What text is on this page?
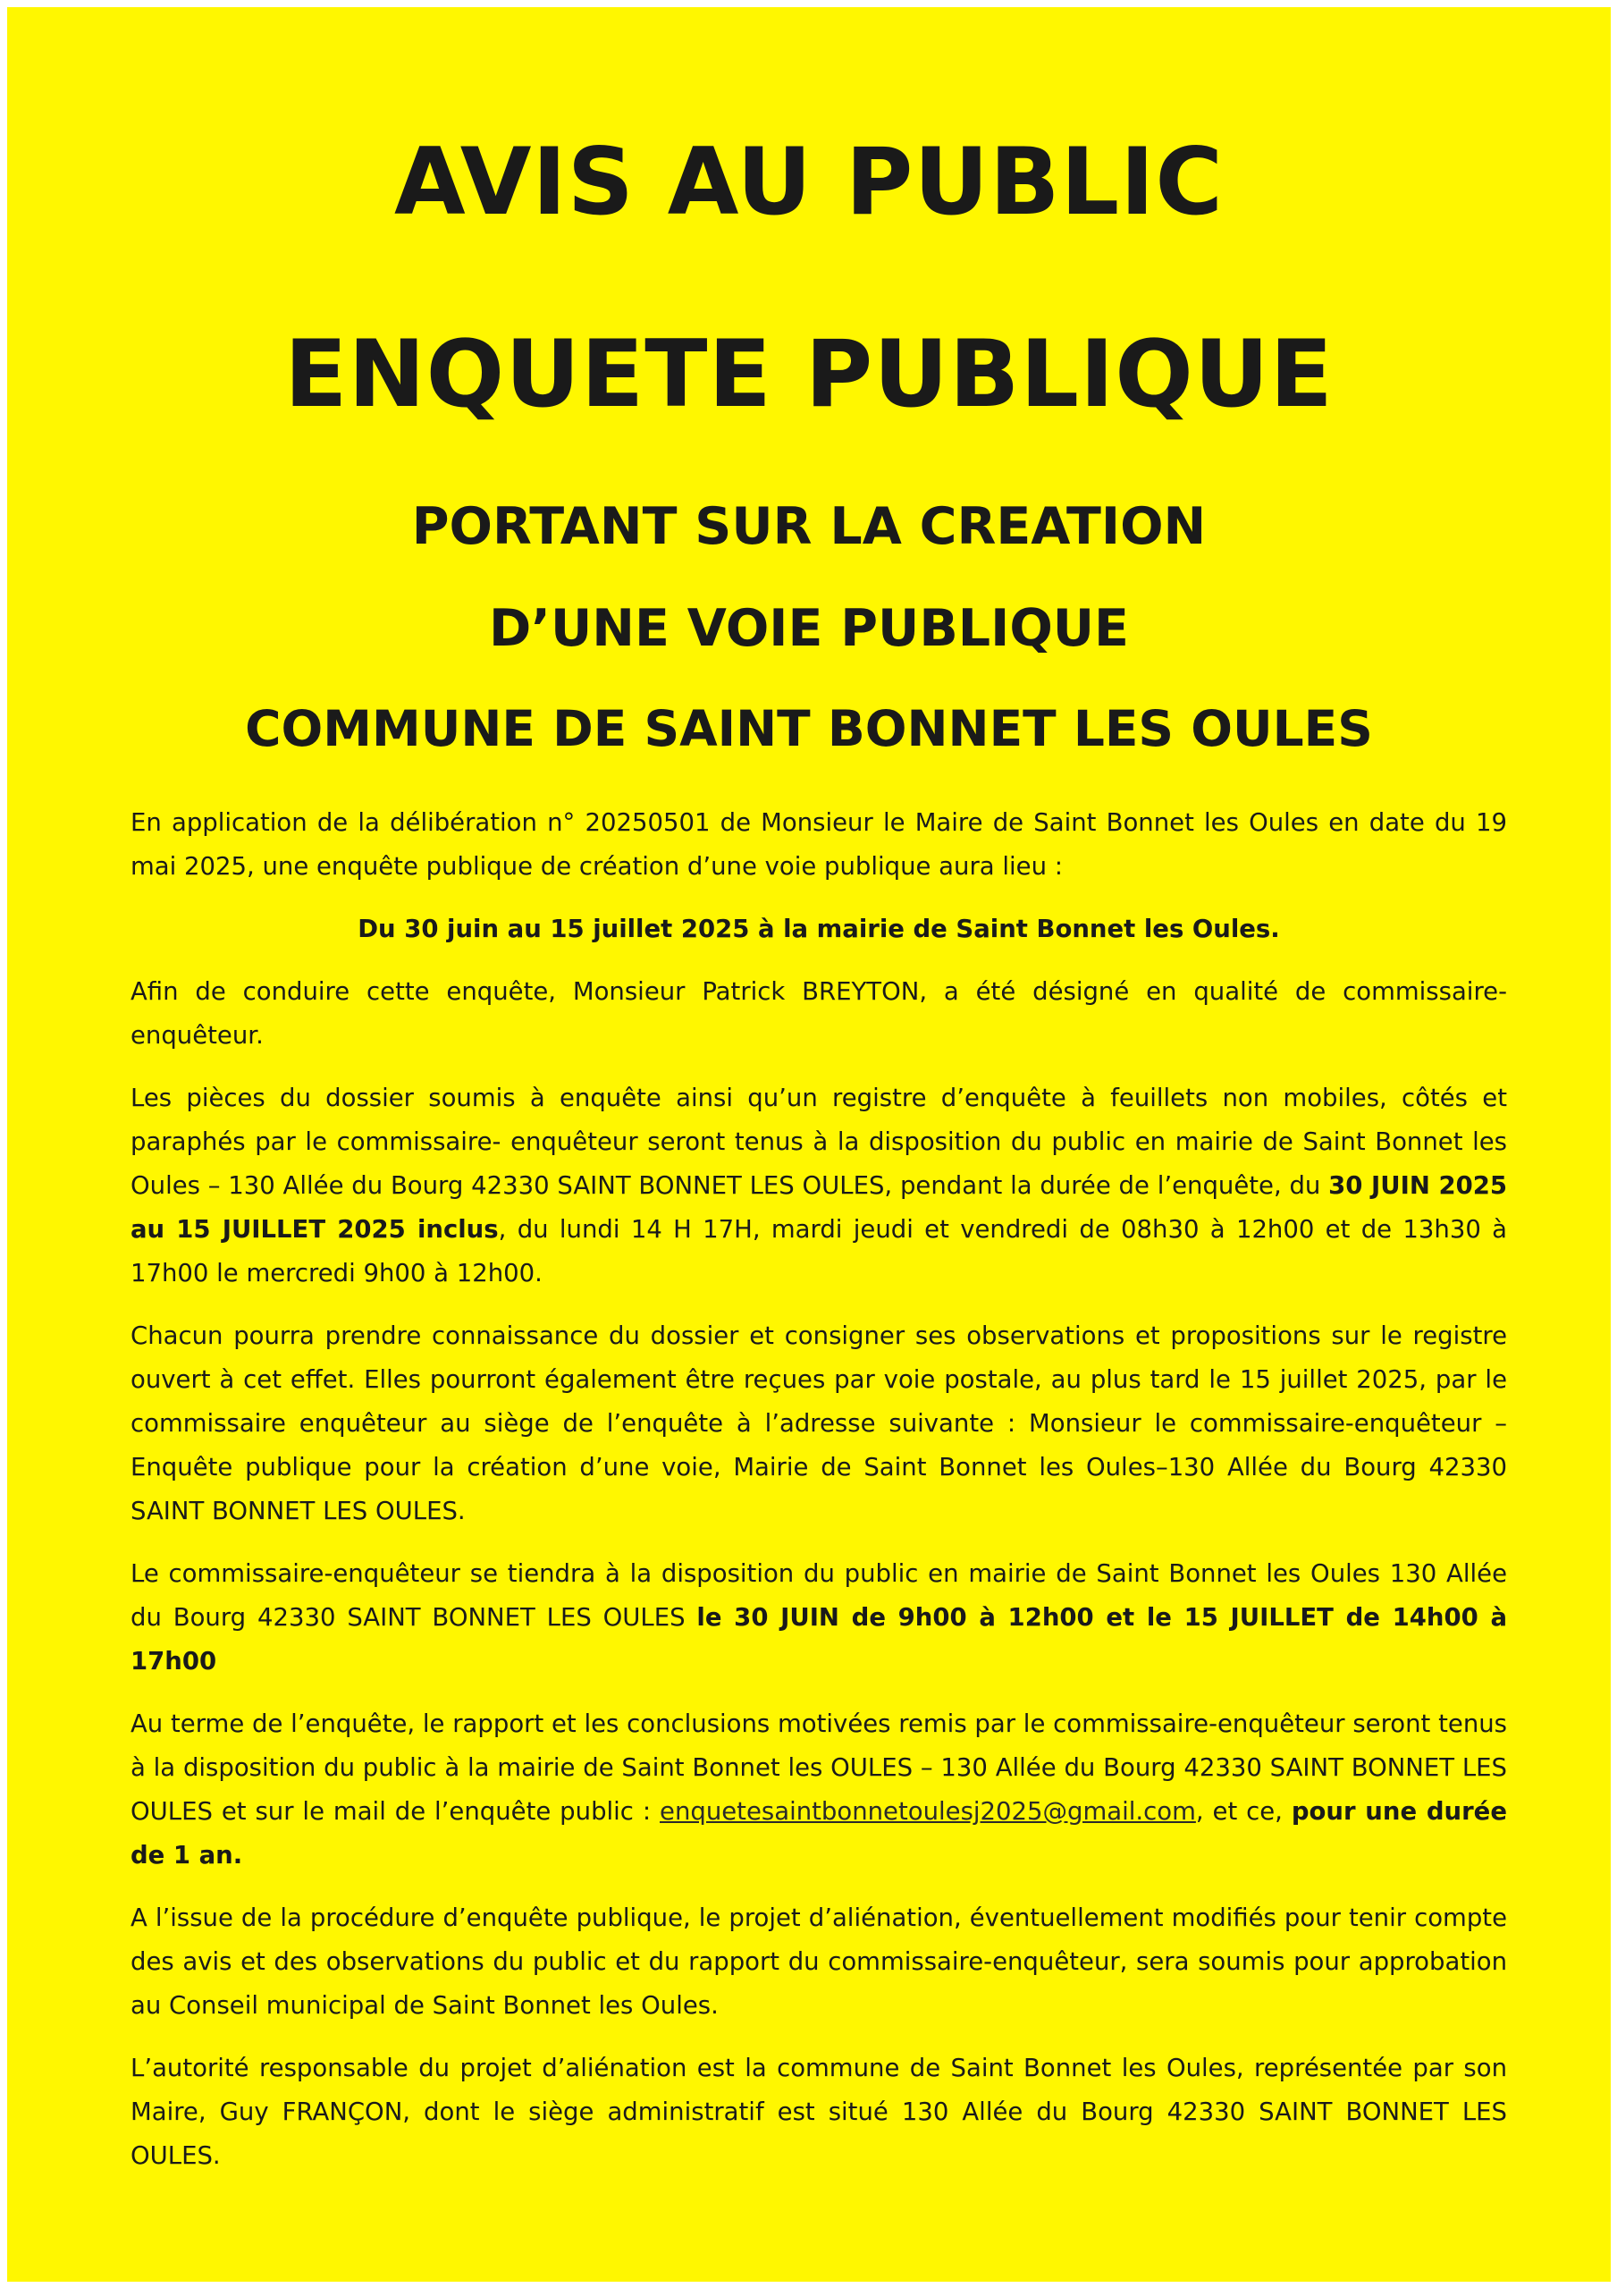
AVIS AU PUBLIC
ENQUETE PUBLIQUE
PORTANT SUR LA CREATION
D’UNE VOIE PUBLIQUE
COMMUNE DE SAINT BONNET LES OULES

En application de la délibération n° 20250501 de Monsieur le Maire de Saint Bonnet les Oules en date du 19 mai 2025, une enquête publique de création d’une voie publique aura lieu :

Du 30 juin au 15 juillet 2025 à la mairie de Saint Bonnet les Oules.

Afin de conduire cette enquête, Monsieur Patrick BREYTON, a été désigné en qualité de commissaire-enquêteur.

Les pièces du dossier soumis à enquête ainsi qu’un registre d’enquête à feuillets non mobiles, côtés et paraphés par le commissaire- enquêteur seront tenus à la disposition du public en mairie de Saint Bonnet les Oules – 130 Allée du Bourg 42330 SAINT BONNET LES OULES, pendant la durée de l’enquête, du 30 JUIN 2025 au 15 JUILLET 2025 inclus, du lundi 14 H 17H, mardi jeudi et vendredi de 08h30 à 12h00 et de 13h30 à 17h00 le mercredi 9h00 à 12h00.

Chacun pourra prendre connaissance du dossier et consigner ses observations et propositions sur le registre ouvert à cet effet. Elles pourront également être reçues par voie postale, au plus tard le 15 juillet 2025, par le commissaire enquêteur au siège de l’enquête à l’adresse suivante : Monsieur le commissaire-enquêteur – Enquête publique pour la création d’une voie, Mairie de Saint Bonnet les Oules–130 Allée du Bourg 42330 SAINT BONNET LES OULES.

Le commissaire-enquêteur se tiendra à la disposition du public en mairie de Saint Bonnet les Oules 130 Allée du Bourg 42330 SAINT BONNET LES OULES le 30 JUIN de 9h00 à 12h00 et le 15 JUILLET de 14h00 à 17h00

Au terme de l’enquête, le rapport et les conclusions motivées remis par le commissaire-enquêteur seront tenus à la disposition du public à la mairie de Saint Bonnet les OULES – 130 Allée du Bourg 42330 SAINT BONNET LES OULES et sur le mail de l’enquête public : enquetesaintbonnetoulesj2025@gmail.com, et ce, pour une durée de 1 an.

A l’issue de la procédure d’enquête publique, le projet d’aliénation, éventuellement modifiés pour tenir compte des avis et des observations du public et du rapport du commissaire-enquêteur, sera soumis pour approbation au Conseil municipal de Saint Bonnet les Oules.

L’autorité responsable du projet d’aliénation est la commune de Saint Bonnet les Oules, représentée par son Maire, Guy FRANÇON, dont le siège administratif est situé 130 Allée du Bourg 42330 SAINT BONNET LES OULES.
